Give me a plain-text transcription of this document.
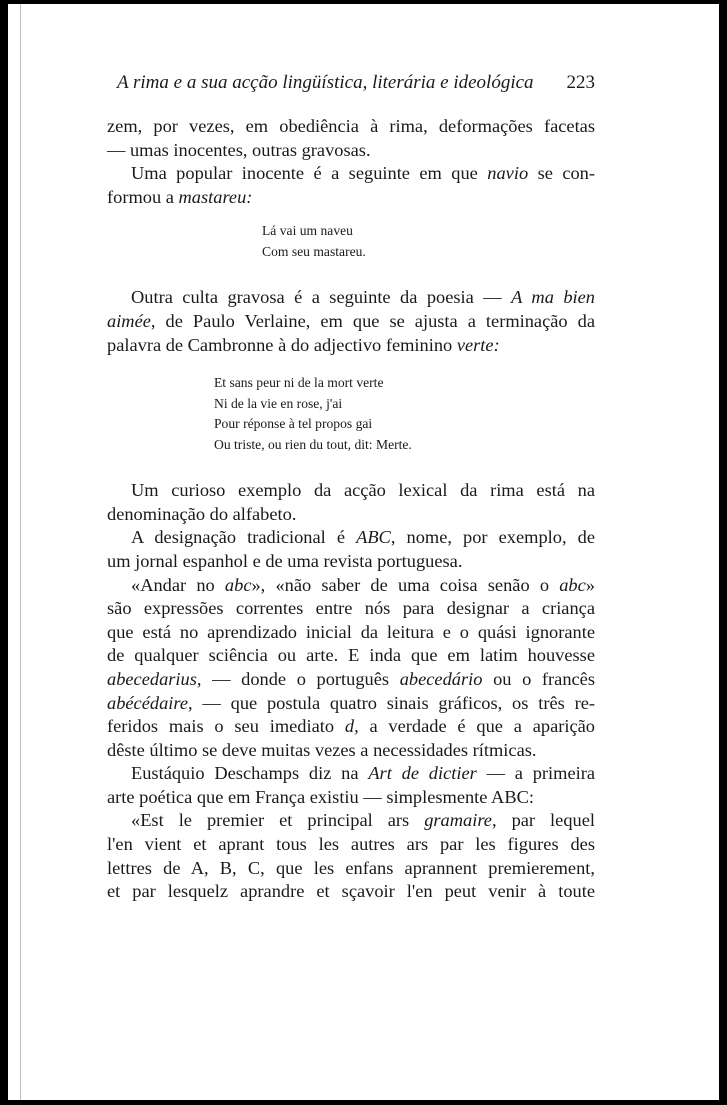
A rima e a sua acção lingüística, literária e ideológica 223

zem, por vezes, em obediência à rima, deformações facetas
— umas inocentes, outras gravosas.

Uma popular inocente é a seguinte em que navio se con-
formou a mastareu:

Lá vai um naveu
Com seu mastareu.

Outra culta gravosa é a seguinte da poesia — A ma bien
aimée, de Paulo Verlaine, em que se ajusta a terminação da
palavra de Cambronne à do adjectivo feminino verte:

Et sans peur ni de la mort verte
Ni de la vie en rose, j'ai
Pour réponse à tel propos gai
Ou triste, ou rien du tout, dit: Merte.

Um curioso exemplo da acção lexical da rima está na
denominação do alfabeto.

A designação tradicional é ABC, nome, por exemplo, de
um jornal espanhol e de uma revista portuguesa.

«Andar no abc», «não saber de uma coisa senão o abc»
são expressões correntes entre nós para designar a criança
que está no aprendizado inicial da leitura e o quási ignorante
de qualquer sciência ou arte. E inda que em latim houvesse
abecedarius, — donde o português abecedário ou o francês
abécédaire, — que postula quatro sinais gráficos, os três re-
feridos mais o seu imediato d, a verdade é que a aparição
dêste último se deve muitas vezes a necessidades rítmicas.

Eustáquio Deschamps diz na Art de dictier — a primeira
arte poética que em França existiu — simplesmente ABC:

«Est le premier et principal ars gramaire, par lequel
l'en vient et aprant tous les autres ars par les figures des
lettres de A, B, C, que les enfans aprannent premierement,
et par lesquelz aprandre et sçavoir l'en peut venir à toute
